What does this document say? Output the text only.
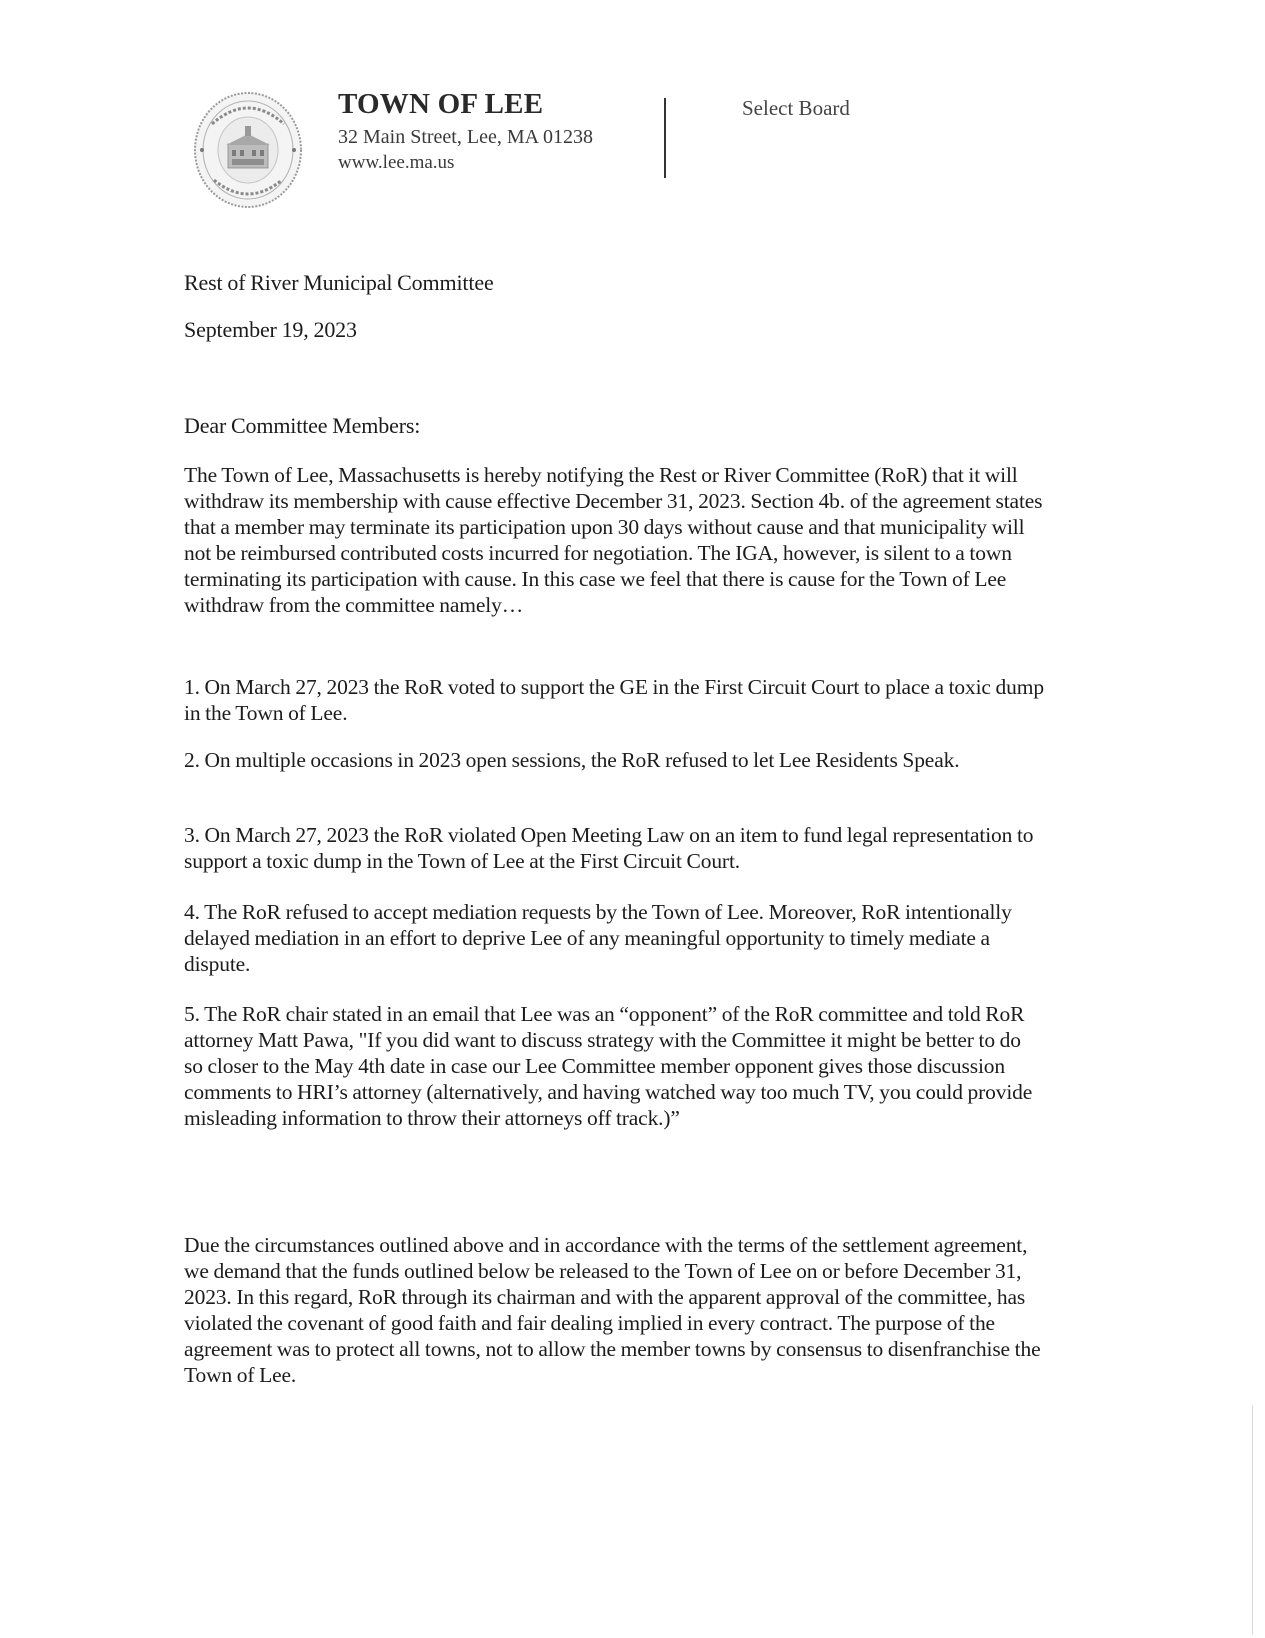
TOWN OF LEE
32 Main Street, Lee, MA 01238
www.lee.ma.us
Select Board
Rest of River Municipal Committee
September 19, 2023
Dear Committee Members:

The Town of Lee, Massachusetts is hereby notifying the Rest or River Committee (RoR) that it will withdraw its membership with cause effective December 31, 2023. Section 4b. of the agreement states that a member may terminate its participation upon 30 days without cause and that municipality will not be reimbursed contributed costs incurred for negotiation. The IGA, however, is silent to a town terminating its participation with cause. In this case we feel that there is cause for the Town of Lee withdraw from the committee namely…

1. On March 27, 2023 the RoR voted to support the GE in the First Circuit Court to place a toxic dump in the Town of Lee.

2. On multiple occasions in 2023 open sessions, the RoR refused to let Lee Residents Speak.

3. On March 27, 2023 the RoR violated Open Meeting Law on an item to fund legal representation to support a toxic dump in the Town of Lee at the First Circuit Court.

4. The RoR refused to accept mediation requests by the Town of Lee. Moreover, RoR intentionally delayed mediation in an effort to deprive Lee of any meaningful opportunity to timely mediate a dispute.

5. The RoR chair stated in an email that Lee was an “opponent” of the RoR committee and told RoR attorney Matt Pawa, "If you did want to discuss strategy with the Committee it might be better to do so closer to the May 4th date in case our Lee Committee member opponent gives those discussion comments to HRI’s attorney (alternatively, and having watched way too much TV, you could provide misleading information to throw their attorneys off track.)”

Due the circumstances outlined above and in accordance with the terms of the settlement agreement, we demand that the funds outlined below be released to the Town of Lee on or before December 31, 2023. In this regard, RoR through its chairman and with the apparent approval of the committee, has violated the covenant of good faith and fair dealing implied in every contract. The purpose of the agreement was to protect all towns, not to allow the member towns by consensus to disenfranchise the Town of Lee.
